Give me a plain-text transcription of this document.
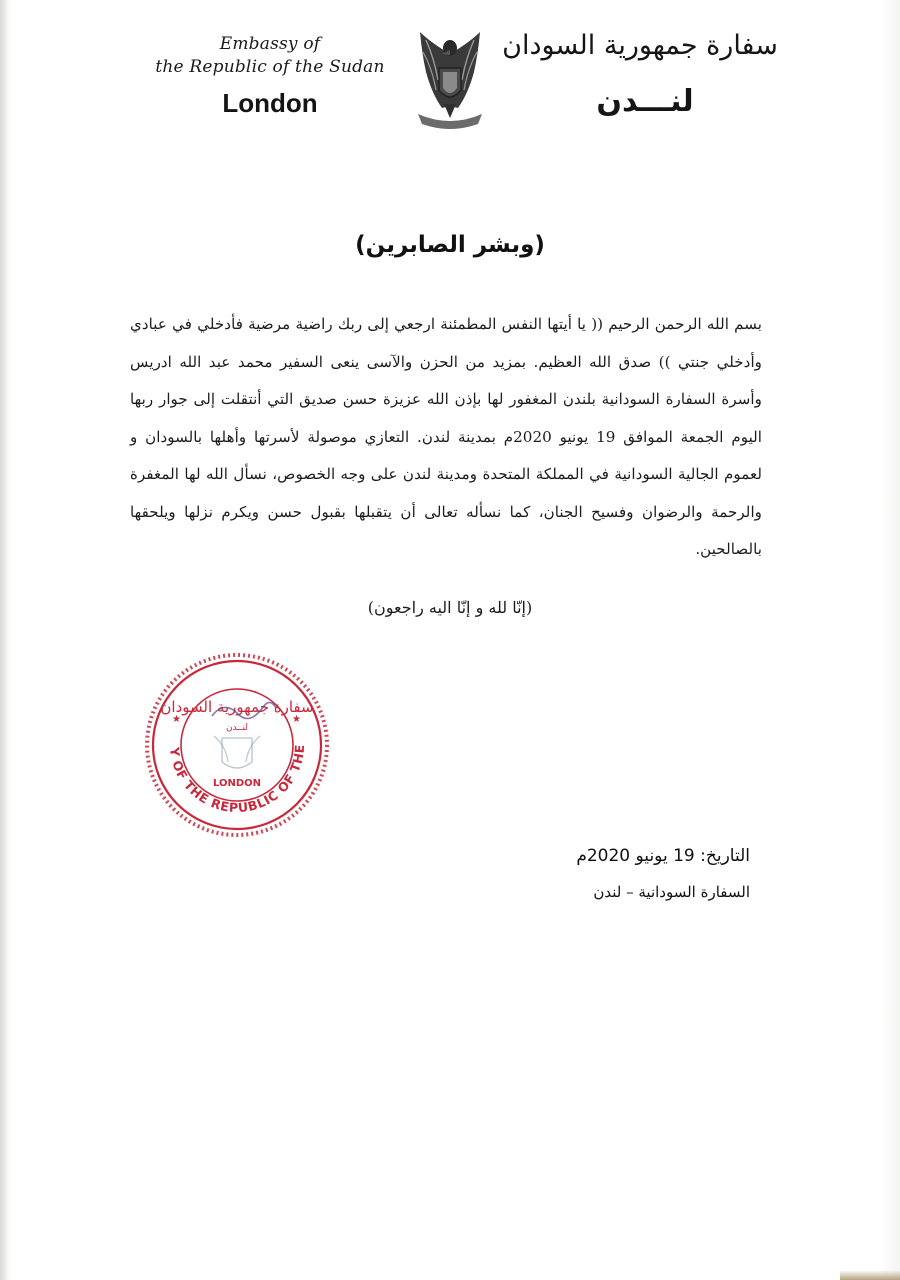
Embassy of
the Republic of the Sudan
London
سفارة جمهورية السودان
لنـــدن
(وبشر الصابرين)
بسم الله الرحمن الرحيم (( يا أيتها النفس المطمئنة ارجعي إلى ربك راضية مرضية فأدخلي في عبادي وأدخلي جنتي )) صدق الله العظيم. بمزيد من الحزن والآسى ينعى السفير محمد عبد الله ادريس وأسرة السفارة السودانية بلندن المغفور لها بإذن الله عزيزة حسن صديق التي أنتقلت إلى جوار ربها اليوم الجمعة الموافق 19 يونيو 2020م بمدينة لندن. التعازي موصولة لأسرتها وأهلها بالسودان و لعموم الجالية السودانية في المملكة المتحدة ومدينة لندن على وجه الخصوص، نسأل الله لها المغفرة والرحمة والرضوان وفسيح الجنان، كما نسأله تعالى أن يتقبلها بقبول حسن ويكرم نزلها ويلحقها بالصالحين.
(إنّا لله و إنّا اليه راجعون)
Y OF THE REPUBLIC OF THE
★	★
سفارة جمهورية السودان
لنــدن
LONDON
التاريخ: 19 يونيو 2020م
السفارة السودانية – لندن
